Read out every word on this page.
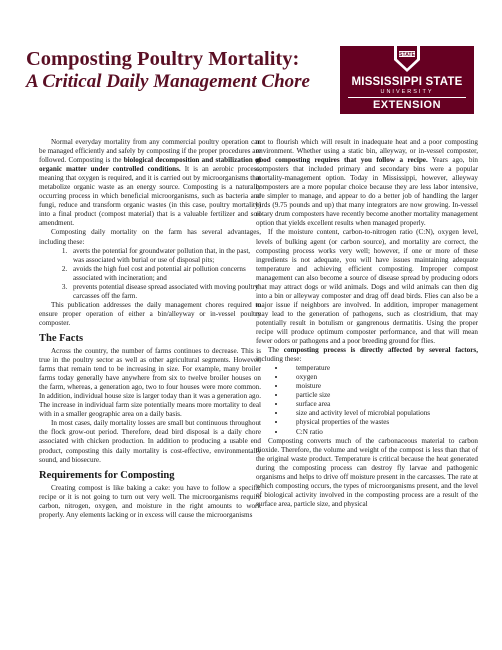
Composting Poultry Mortality:
A Critical Daily Management Chore
STATE
MISSISSIPPI STATE
UNIVERSITY
EXTENSION

Normal everyday mortality from any commercial poultry operation can be managed efficiently and safely by composting if the proper procedures are followed. Composting is the biological decomposition and stabilization of organic matter under controlled conditions. It is an aerobic process, meaning that oxygen is required, and it is carried out by microorganisms that metabolize organic waste as an energy source. Composting is a naturally occurring process in which beneficial microorganisms, such as bacteria and fungi, reduce and transform organic wastes (in this case, poultry mortality) into a final product (compost material) that is a valuable fertilizer and soil amendment.

Composting daily mortality on the farm has several advantages, including these:

1. averts the potential for groundwater pollution that, in the past, was associated with burial or use of disposal pits;
2. avoids the high fuel cost and potential air pollution concerns associated with incineration; and
3. prevents potential disease spread associated with moving poultry carcasses off the farm.

This publication addresses the daily management chores required to ensure proper operation of either a bin/alleyway or in-vessel poultry composter.

The Facts

Across the country, the number of farms continues to decrease. This is true in the poultry sector as well as other agricultural segments. However, farms that remain tend to be increasing in size. For example, many broiler farms today generally have anywhere from six to twelve broiler houses on the farm, whereas, a generation ago, two to four houses were more common. In addition, individual house size is larger today than it was a generation ago. The increase in individual farm size potentially means more mortality to deal with in a smaller geographic area on a daily basis.

In most cases, daily mortality losses are small but continuous throughout the flock grow-out period. Therefore, dead bird disposal is a daily chore associated with chicken production. In addition to producing a usable end product, composting this daily mortality is cost-effective, environmentally sound, and biosecure.

Requirements for Composting

Creating compost is like baking a cake: you have to follow a specific recipe or it is not going to turn out very well. The microorganisms require carbon, nitrogen, oxygen, and moisture in the right amounts to work properly. Any elements lacking or in excess will cause the microorganisms

not to flourish which will result in inadequate heat and a poor composting environment. Whether using a static bin, alleyway, or in-vessel composter, good composting requires that you follow a recipe. Years ago, bin composters that included primary and secondary bins were a popular mortality-management option. Today in Mississippi, however, alleyway composters are a more popular choice because they are less labor intensive, are simpler to manage, and appear to do a better job of handling the larger birds (9.75 pounds and up) that many integrators are now growing. In-vessel rotary drum composters have recently become another mortality management option that yields excellent results when managed properly.

If the moisture content, carbon-to-nitrogen ratio (C:N), oxygen level, levels of bulking agent (or carbon source), and mortality are correct, the composting process works very well; however, if one or more of these ingredients is not adequate, you will have issues maintaining adequate temperature and achieving efficient composting. Improper compost management can also become a source of disease spread by producing odors that may attract dogs or wild animals. Dogs and wild animals can then dig into a bin or alleyway composter and drag off dead birds. Flies can also be a major issue if neighbors are involved. In addition, improper management may lead to the generation of pathogens, such as clostridium, that may potentially result in botulism or gangrenous dermatitis. Using the proper recipe will produce optimum composter performance, and that will mean fewer odors or pathogens and a poor breeding ground for flies.

The composting process is directly affected by several factors, including these:

• temperature
• oxygen
• moisture
• particle size
• surface area
• size and activity level of microbial populations
• physical properties of the wastes
• C:N ratio

Composting converts much of the carbonaceous material to carbon dioxide. Therefore, the volume and weight of the compost is less than that of the original waste product. Temperature is critical because the heat generated during the composting process can destroy fly larvae and pathogenic organisms and helps to drive off moisture present in the carcasses. The rate at which composting occurs, the types of microorganisms present, and the level of biological activity involved in the composting process are a result of the surface area, particle size, and physical
